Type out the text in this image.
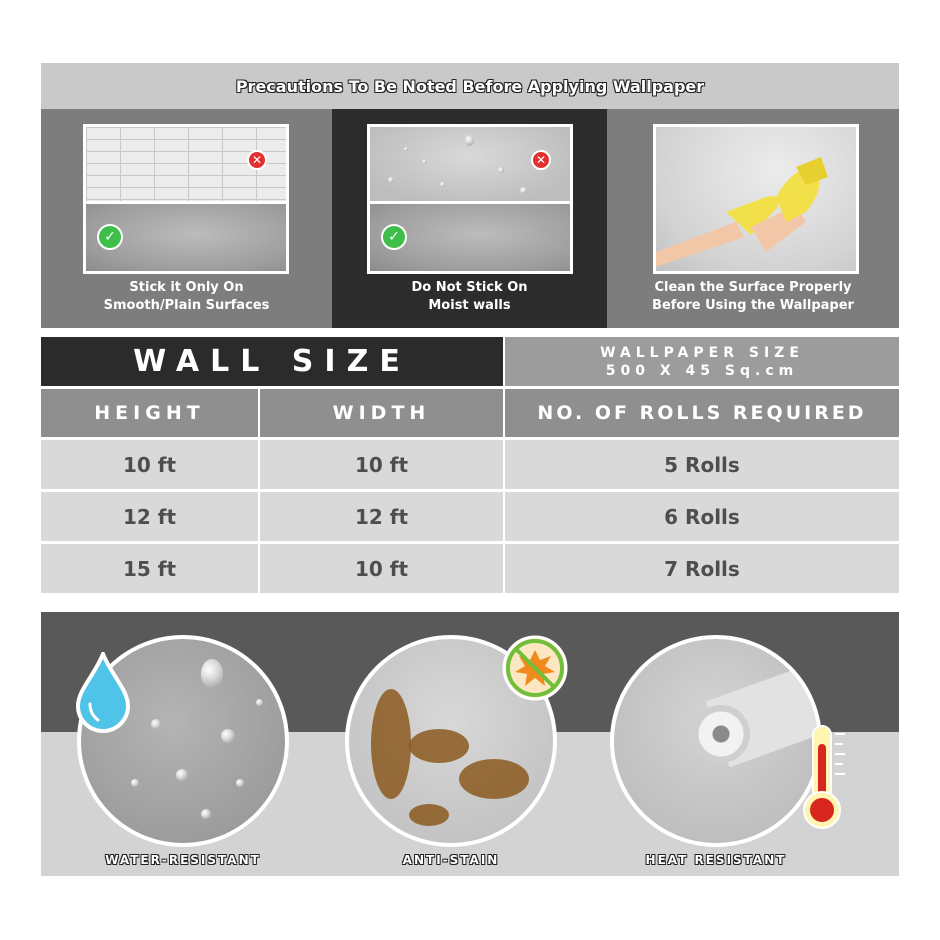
Precautions To Be Noted Before Applying Wallpaper
✕
✓
Stick it Only On
Smooth/Plain Surfaces
✕
✓
Do Not Stick On
Moist walls
Clean the Surface Properly
Before Using the Wallpaper
WALL SIZE	WALLPAPER SIZE
500 X 45 Sq.cm
HEIGHT	WIDTH	NO. OF ROLLS REQUIRED
10 ft	10 ft	5 Rolls
12 ft	12 ft	6 Rolls
15 ft	10 ft	7 Rolls
WATER-RESISTANT	ANTI-STAIN	HEAT RESISTANT
